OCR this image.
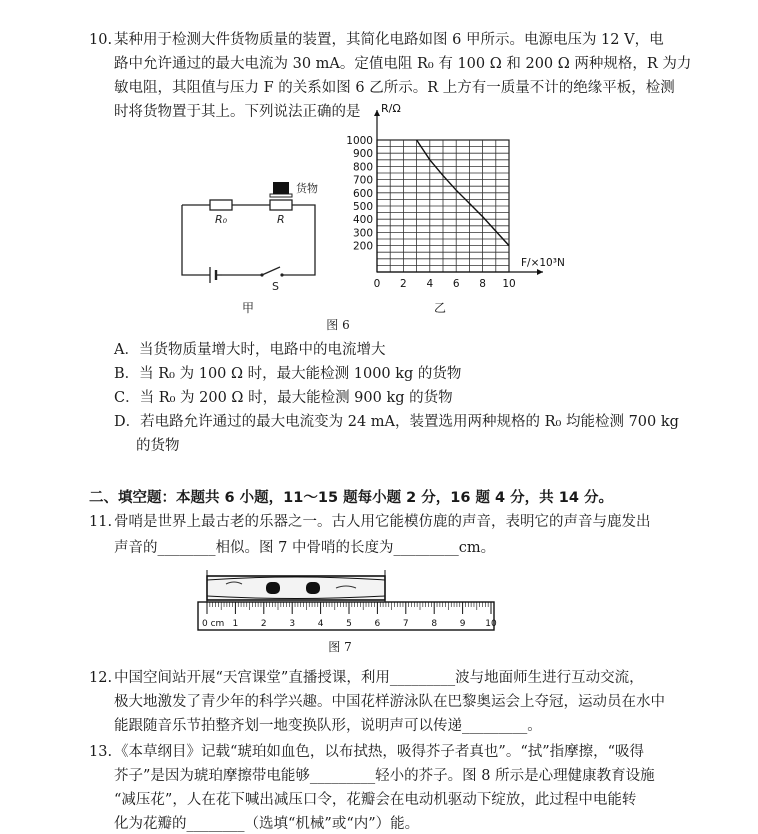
10. 某种用于检测大件货物质量的装置，其简化电路如图 6 甲所示。电源电压为 12 V，电
路中允许通过的最大电流为 30 mA。定值电阻 R₀ 有 100 Ω 和 200 Ω 两种规格，R 为力
敏电阻，其阻值与压力 F 的关系如图 6 乙所示。R 上方有一质量不计的绝缘平板，检测
时将货物置于其上。下列说法正确的是
货物
R₀	R
S
甲
R/Ω
F/×10³N
0 2 4 6 8 10
200
300
400
500
600
700
800
900
1000
乙
图 6
A．当货物质量增大时，电路中的电流增大
B．当 R₀ 为 100 Ω 时，最大能检测 1000 kg 的货物
C．当 R₀ 为 200 Ω 时，最大能检测 900 kg 的货物
D．若电路允许通过的最大电流变为 24 mA，装置选用两种规格的 R₀ 均能检测 700 kg
的货物
二、填空题：本题共 6 小题，11～15 题每小题 2 分，16 题 4 分，共 14 分。
11. 骨哨是世界上最古老的乐器之一。古人用它能模仿鹿的声音，表明它的声音与鹿发出
声音的________相似。图 7 中骨哨的长度为_________cm。
1	2	3	4	5	6	7	8	9 10
0 cm
图 7
12. 中国空间站开展“天宫课堂”直播授课，利用_________波与地面师生进行互动交流，
极大地激发了青少年的科学兴趣。中国花样游泳队在巴黎奥运会上夺冠，运动员在水中
能跟随音乐节拍整齐划一地变换队形，说明声可以传递_________。
13. 《本草纲目》记载“琥珀如血色，以布拭热，吸得芥子者真也”。“拭”指摩擦，“吸得
芥子”是因为琥珀摩擦带电能够_________轻小的芥子。图 8 所示是心理健康教育设施
“减压花”，人在花下喊出减压口令，花瓣会在电动机驱动下绽放，此过程中电能转
化为花瓣的________（选填“机械”或“内”）能。
